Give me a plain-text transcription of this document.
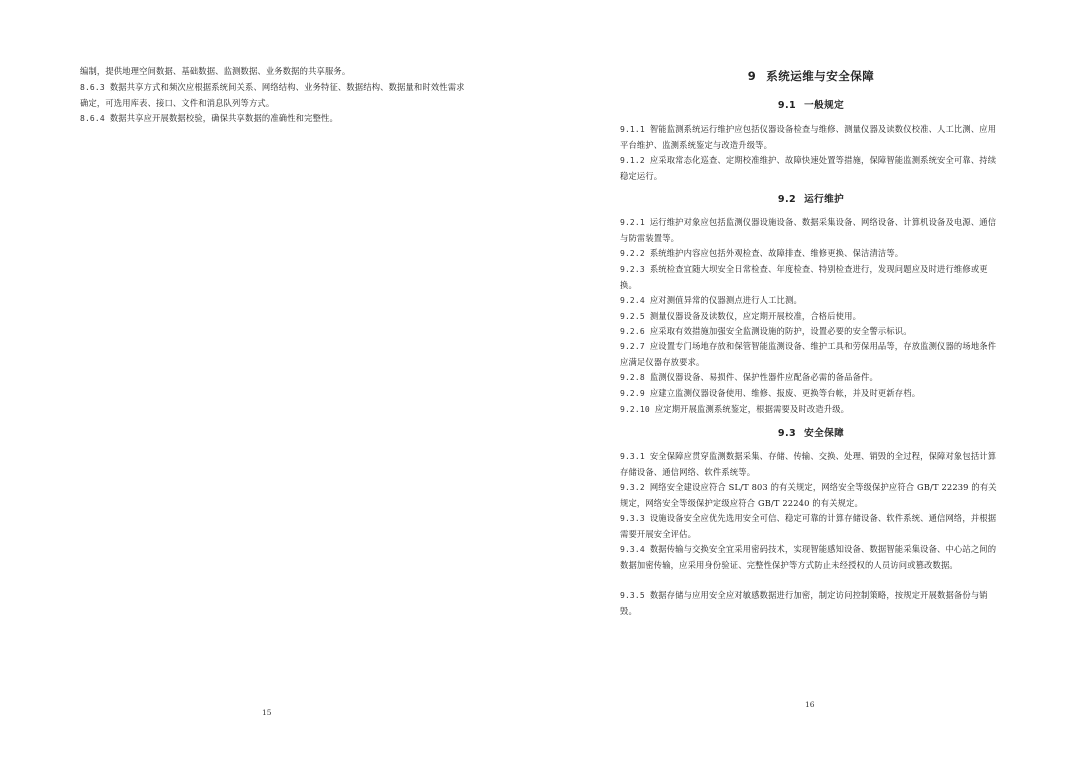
编制，提供地理空间数据、基础数据、监测数据、业务数据的共享服务。

8.6.3 数据共享方式和频次应根据系统间关系、网络结构、业务特征、数据结构、数据量和时效性需求确定，可选用库表、接口、文件和消息队列等方式。

8.6.4 数据共享应开展数据校验，确保共享数据的准确性和完整性。

15
9 系统运维与安全保障
9.1 一般规定

9.1.1 智能监测系统运行维护应包括仪器设备检查与维修、测量仪器及读数仪校准、人工比测、应用平台维护、监测系统鉴定与改造升级等。

9.1.2 应采取常态化巡查、定期校准维护、故障快速处置等措施，保障智能监测系统安全可靠、持续稳定运行。

9.2 运行维护

9.2.1 运行维护对象应包括监测仪器设施设备、数据采集设备、网络设备、计算机设备及电源、通信与防雷装置等。

9.2.2 系统维护内容应包括外观检查、故障排查、维修更换、保洁清洁等。

9.2.3 系统检查宜随大坝安全日常检查、年度检查、特别检查进行，发现问题应及时进行维修或更换。

9.2.4 应对测值异常的仪器测点进行人工比测。

9.2.5 测量仪器设备及读数仪，应定期开展校准，合格后使用。

9.2.6 应采取有效措施加强安全监测设施的防护，设置必要的安全警示标识。

9.2.7 应设置专门场地存放和保管智能监测设备、维护工具和劳保用品等，存放监测仪器的场地条件应满足仪器存放要求。

9.2.8 监测仪器设备、易损件、保护性器件应配备必需的备品备件。

9.2.9 应建立监测仪器设备使用、维修、报废、更换等台帐，并及时更新存档。

9.2.10 应定期开展监测系统鉴定，根据需要及时改造升级。

9.3 安全保障

9.3.1 安全保障应贯穿监测数据采集、存储、传输、交换、处理、销毁的全过程，保障对象包括计算存储设备、通信网络、软件系统等。

9.3.2 网络安全建设应符合 SL/T 803 的有关规定，网络安全等级保护应符合 GB/T 22239 的有关规定，网络安全等级保护定级应符合 GB/T 22240 的有关规定。

9.3.3 设施设备安全应优先选用安全可信、稳定可靠的计算存储设备、软件系统、通信网络，并根据需要开展安全评估。

9.3.4 数据传输与交换安全宜采用密码技术，实现智能感知设备、数据智能采集设备、中心站之间的数据加密传输，应采用身份验证、完整性保护等方式防止未经授权的人员访问或篡改数据。

9.3.5 数据存储与应用安全应对敏感数据进行加密，制定访问控制策略，按规定开展数据备份与销毁。

16
